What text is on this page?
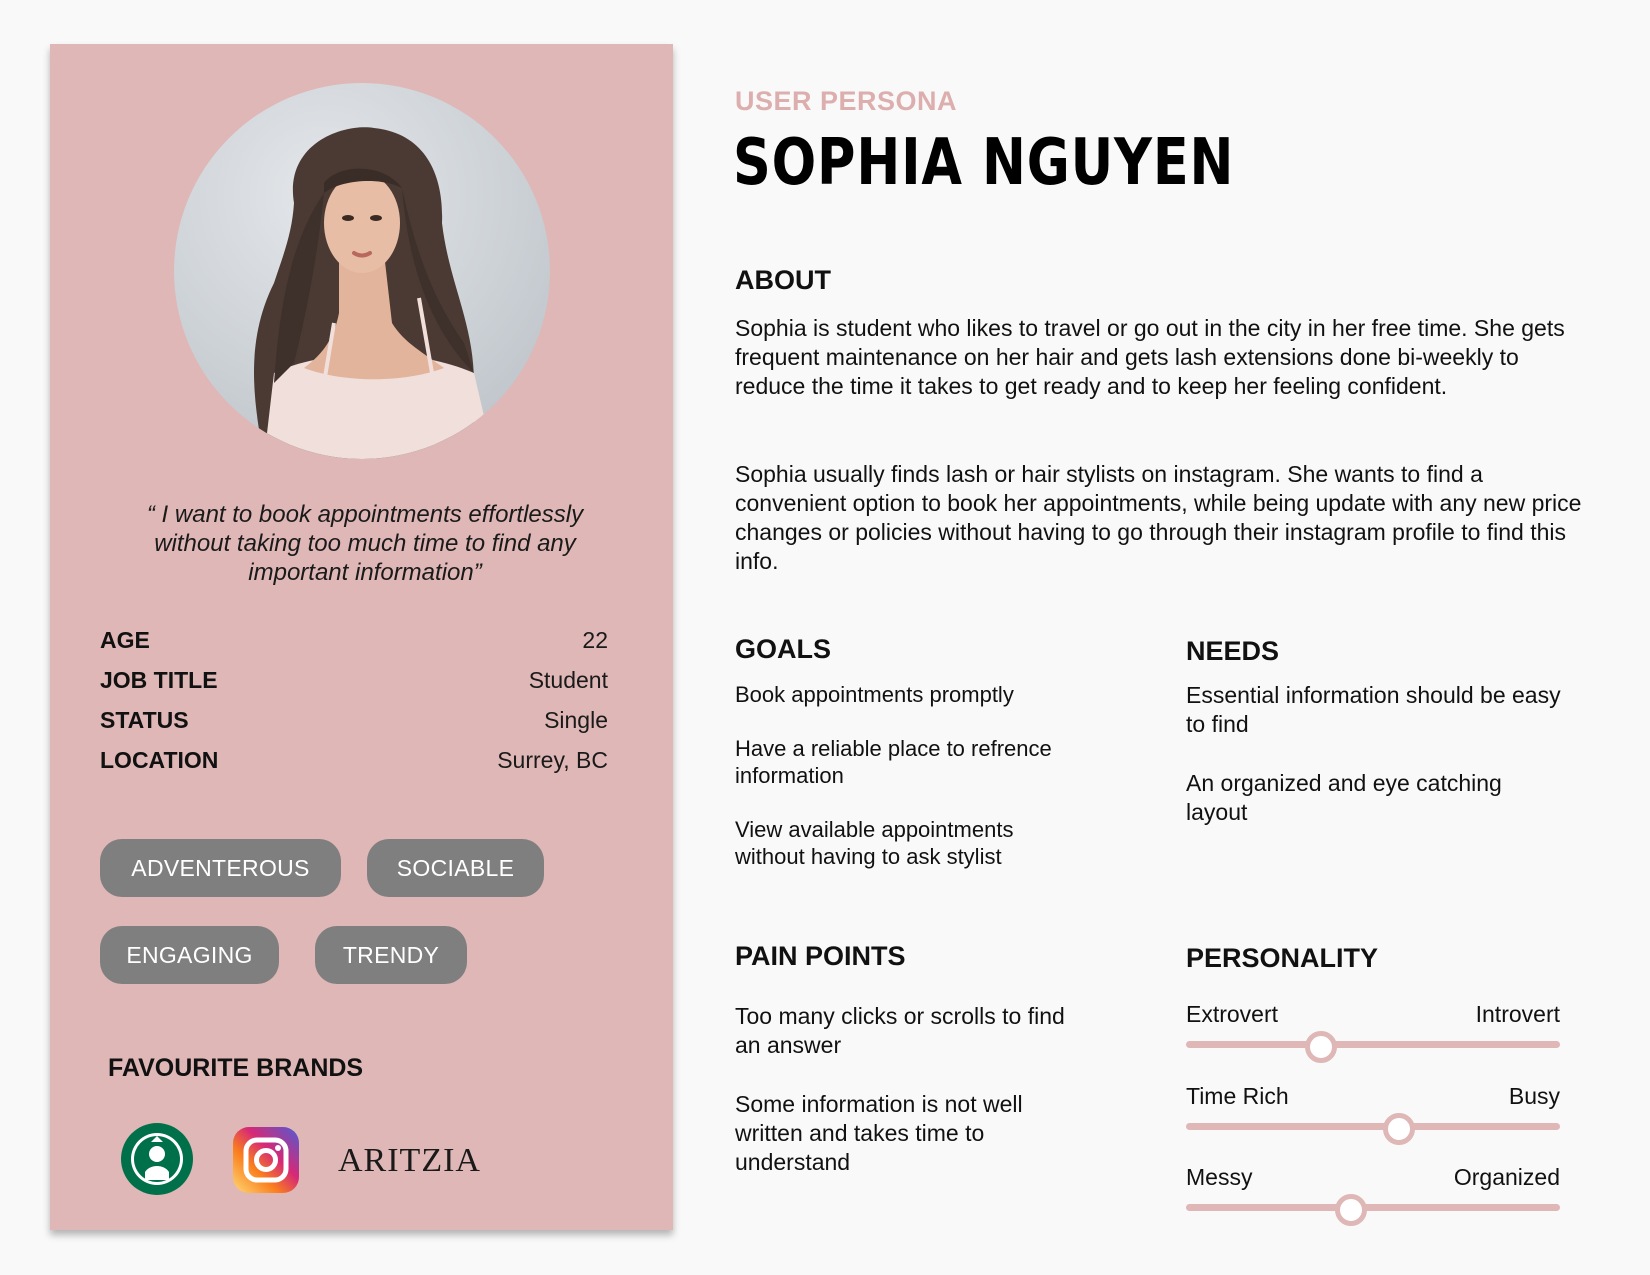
“ I want to book appointments effortlessly without taking too much time to find any important information”
AGE	22
JOB TITLE	Student
STATUS	Single
LOCATION	Surrey, BC
ADVENTEROUS	SOCIABLE
ENGAGING	TRENDY
FAVOURITE BRANDS
ARITZIA
USER PERSONA
SOPHIA NGUYEN
ABOUT
Sophia is student who likes to travel or go out in the city in her free time. She gets frequent maintenance on her hair and gets lash extensions done bi-weekly to reduce the time it takes to get ready and to keep her feeling confident.
Sophia usually finds lash or hair stylists on instagram. She wants to find a convenient option to book her appointments, while being update with any new price changes or policies without having to go through their instagram profile to find this info.
GOALS
Book appointments promptly
Have a reliable place to refrence information
View available appointments without having to ask stylist
NEEDS
Essential information should be easy to find
An organized and eye catching layout
PAIN POINTS
Too many clicks or scrolls to find an answer
Some information is not well written and takes time to understand
PERSONALITY
Extrovert	Introvert
Time Rich	Busy
Messy	Organized
